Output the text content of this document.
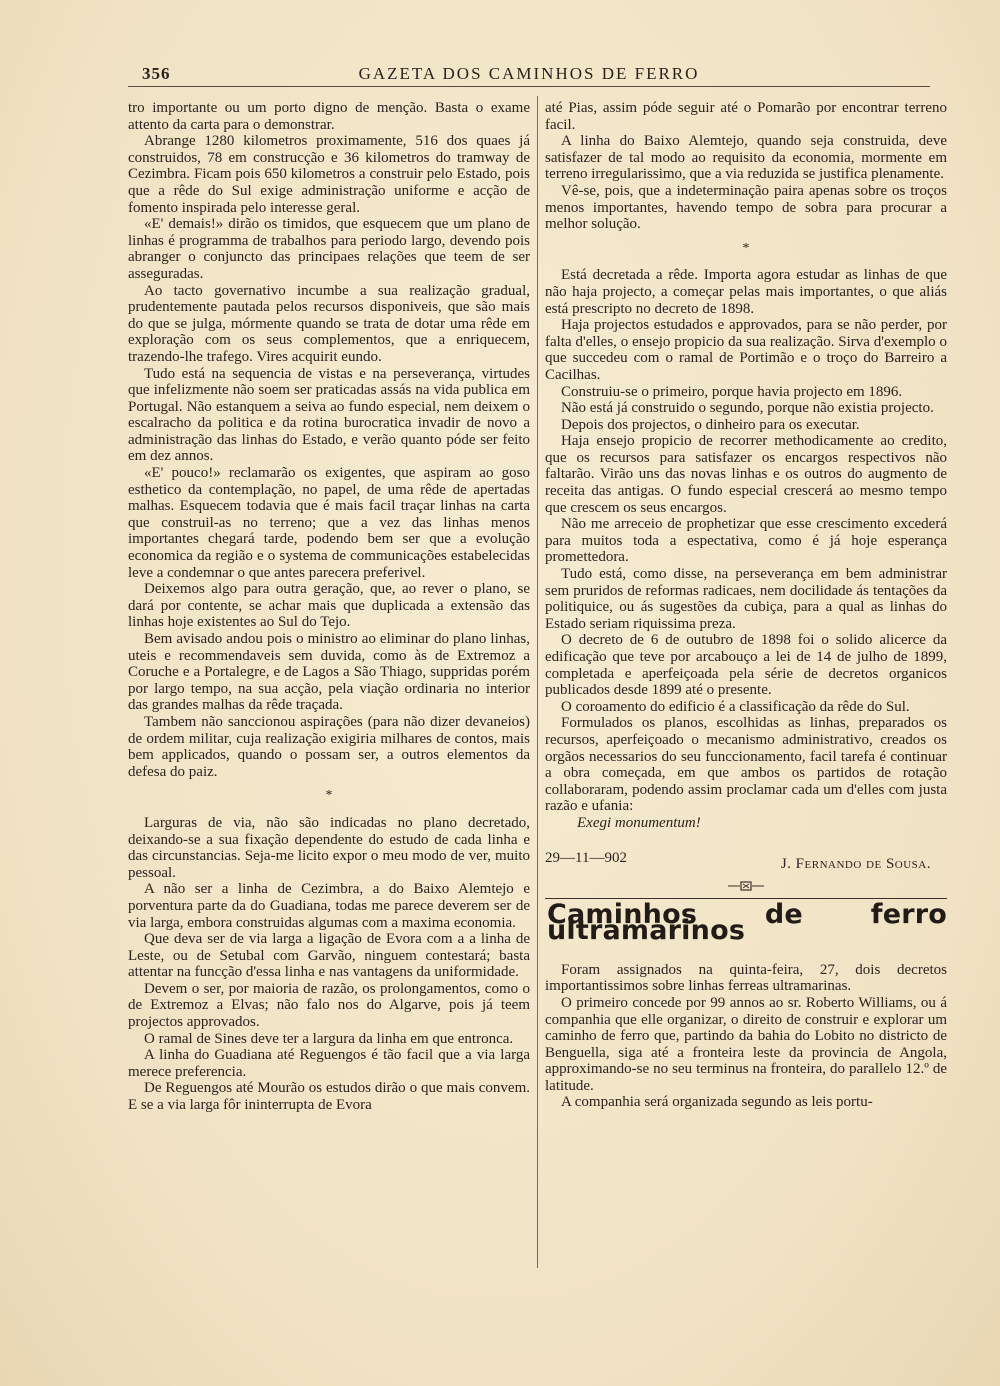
356	GAZETA DOS CAMINHOS DE FERRO

tro importante ou um porto digno de menção. Basta o exame attento da carta para o demonstrar.

Abrange 1280 kilometros proximamente, 516 dos quaes já construidos, 78 em construcção e 36 kilometros do tramway de Cezimbra. Ficam pois 650 kilometros a construir pelo Estado, pois que a rêde do Sul exige administração uniforme e acção de fomento inspirada pelo interesse geral.

«E' demais!» dirão os timidos, que esquecem que um plano de linhas é programma de trabalhos para periodo largo, devendo pois abranger o conjuncto das principaes relações que teem de ser asseguradas.

Ao tacto governativo incumbe a sua realização gradual, prudentemente pautada pelos recursos disponiveis, que são mais do que se julga, mórmente quando se trata de dotar uma rêde em exploração com os seus complementos, que a enriquecem, trazendo-lhe trafego. Vires acquirit eundo.

Tudo está na sequencia de vistas e na perseverança, virtudes que infelizmente não soem ser praticadas assás na vida publica em Portugal. Não estanquem a seiva ao fundo especial, nem deixem o escalracho da politica e da rotina burocratica invadir de novo a administração das linhas do Estado, e verão quanto póde ser feito em dez annos.

«E' pouco!» reclamarão os exigentes, que aspiram ao goso esthetico da contemplação, no papel, de uma rêde de apertadas malhas. Esquecem todavia que é mais facil traçar linhas na carta que construil-as no terreno; que a vez das linhas menos importantes chegará tarde, podendo bem ser que a evolução economica da região e o systema de communicações estabelecidas leve a condemnar o que antes parecera preferivel.

Deixemos algo para outra geração, que, ao rever o plano, se dará por contente, se achar mais que duplicada a extensão das linhas hoje existentes ao Sul do Tejo.

Bem avisado andou pois o ministro ao eliminar do plano linhas, uteis e recommendaveis sem duvida, como às de Extremoz a Coruche e a Portalegre, e de Lagos a São Thiago, suppridas porém por largo tempo, na sua acção, pela viação ordinaria no interior das grandes malhas da rêde traçada.

Tambem não sanccionou aspirações (para não dizer devaneios) de ordem militar, cuja realização exigiria milhares de contos, mais bem applicados, quando o possam ser, a outros elementos da defesa do paiz.

*

Larguras de via, não são indicadas no plano decretado, deixando-se a sua fixação dependente do estudo de cada linha e das circunstancias. Seja-me licito expor o meu modo de ver, muito pessoal.

A não ser a linha de Cezimbra, a do Baixo Alemtejo e porventura parte da do Guadiana, todas me parece deverem ser de via larga, embora construidas algumas com a maxima economia.

Que deva ser de via larga a ligação de Evora com a a linha de Leste, ou de Setubal com Garvão, ninguem contestará; basta attentar na funcção d'essa linha e nas vantagens da uniformidade.

Devem o ser, por maioria de razão, os prolongamentos, como o de Extremoz a Elvas; não falo nos do Algarve, pois já teem projectos approvados.

O ramal de Sines deve ter a largura da linha em que entronca.

A linha do Guadiana até Reguengos é tão facil que a via larga merece preferencia.

De Reguengos até Mourão os estudos dirão o que mais convem. E se a via larga fôr ininterrupta de Evora

até Pias, assim póde seguir até o Pomarão por encontrar terreno facil.

A linha do Baixo Alemtejo, quando seja construida, deve satisfazer de tal modo ao requisito da economia, mormente em terreno irregularissimo, que a via reduzida se justifica plenamente.

Vê-se, pois, que a indeterminação paira apenas sobre os troços menos importantes, havendo tempo de sobra para procurar a melhor solução.

*

Está decretada a rêde. Importa agora estudar as linhas de que não haja projecto, a começar pelas mais importantes, o que aliás está prescripto no decreto de 1898.

Haja projectos estudados e approvados, para se não perder, por falta d'elles, o ensejo propicio da sua realização. Sirva d'exemplo o que succedeu com o ramal de Portimão e o troço do Barreiro a Cacilhas.

Construiu-se o primeiro, porque havia projecto em 1896.

Não está já construido o segundo, porque não existia projecto.

Depois dos projectos, o dinheiro para os executar.

Haja ensejo propicio de recorrer methodicamente ao credito, que os recursos para satisfazer os encargos respectivos não faltarão. Virão uns das novas linhas e os outros do augmento de receita das antigas. O fundo especial crescerá ao mesmo tempo que crescem os seus encargos.

Não me arreceio de prophetizar que esse crescimento excederá para muitos toda a espectativa, como é já hoje esperança promettedora.

Tudo está, como disse, na perseverança em bem administrar sem pruridos de reformas radicaes, nem docilidade ás tentações da politiquice, ou ás sugestões da cubiça, para a qual as linhas do Estado seriam riquissima preza.

O decreto de 6 de outubro de 1898 foi o solido alicerce da edificação que teve por arcabouço a lei de 14 de julho de 1899, completada e aperfeiçoada pela série de decretos organicos publicados desde 1899 até o presente.

O coroamento do edificio é a classificação da rêde do Sul.

Formulados os planos, escolhidas as linhas, preparados os recursos, aperfeiçoado o mecanismo administrativo, creados os orgãos necessarios do seu funccionamento, facil tarefa é continuar a obra começada, em que ambos os partidos de rotação collaboraram, podendo assim proclamar cada um d'elles com justa razão e ufania:

Exegi monumentum!

29—11—902	J. Fernando de Sousa.
Caminhos de ferro ultramarinos

Foram assignados na quinta-feira, 27, dois decretos importantissimos sobre linhas ferreas ultramarinas.

O primeiro concede por 99 annos ao sr. Roberto Williams, ou á companhia que elle organizar, o direito de construir e explorar um caminho de ferro que, partindo da bahia do Lobito no districto de Benguella, siga até a fronteira leste da provincia de Angola, approximando-se no seu terminus na fronteira, do parallelo 12.º de latitude.

A companhia será organizada segundo as leis portu-
